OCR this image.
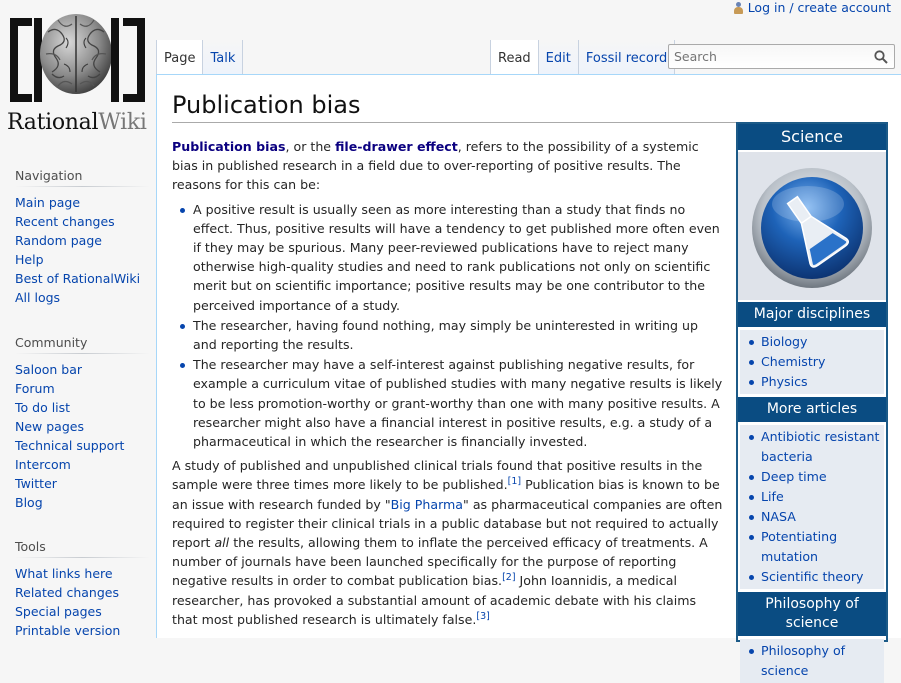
Log in / create account
RationalWiki
Navigation
Main page
Recent changes
Random page
Help
Best of RationalWiki
All logs
Community
Saloon bar
Forum
To do list
New pages
Technical support
Intercom
Twitter
Blog
Tools
What links here
Related changes
Special pages
Printable version
Page Talk	Read Edit Fossil record
Search
Publication bias

Publication bias, or the file-drawer effect, refers to the possibility of a systemic bias in published research in a field due to over-reporting of positive results. The reasons for this can be:

A positive result is usually seen as more interesting than a study that finds no effect. Thus, positive results will have a tendency to get published more often even if they may be spurious. Many peer-reviewed publications have to reject many otherwise high-quality studies and need to rank publications not only on scientific merit but on scientific importance; positive results may be one contributor to the perceived importance of a study.
The researcher, having found nothing, may simply be uninterested in writing up and reporting the results.
The researcher may have a self-interest against publishing negative results, for example a curriculum vitae of published studies with many negative results is likely to be less promotion-worthy or grant-worthy than one with many positive results. A researcher might also have a financial interest in positive results, e.g. a study of a pharmaceutical in which the researcher is financially invested.

A study of published and unpublished clinical trials found that positive results in the sample were three times more likely to be published.[1] Publication bias is known to be an issue with research funded by "Big Pharma" as pharmaceutical companies are often required to register their clinical trials in a public database but not required to actually report all the results, allowing them to inflate the perceived efficacy of treatments. A number of journals have been launched specifically for the purpose of reporting negative results in order to combat publication bias.[2] John Ioannidis, a medical researcher, has provoked a substantial amount of academic debate with his claims that most published research is ultimately false.[3]

Science
Major disciplines
Biology
Chemistry
Physics
More articles
Antibiotic resistant bacteria
Deep time
Life
NASA
Potentiating mutation
Scientific theory
Philosophy of science
Philosophy of science
